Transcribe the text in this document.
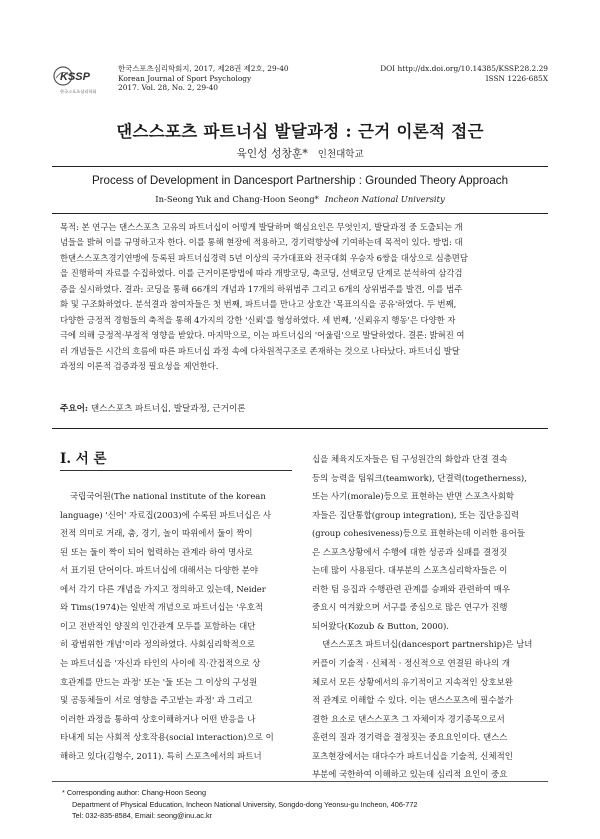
KSSP
한국스포츠심리학회
한국스포츠심리학회지, 2017, 제28권 제2호, 29-40
Korean Journal of Sport Psychology
2017. Vol. 28, No. 2, 29-40
DOI http://dx.doi.org/10.14385/KSSP.28.2.29
ISSN 1226-685X
댄스스포츠 파트너십 발달과정 : 근거 이론적 접근
육인성 성창훈* 인천대학교
Process of Development in Dancesport Partnership : Grounded Theory Approach
In-Seong Yuk and Chang-Hoon Seong* Incheon National University
목적: 본 연구는 댄스스포츠 고유의 파트너십이 어떻게 발달하며 핵심요인은 무엇인지, 발달과정 중 도출되는 개
념들을 밝혀 이를 규명하고자 한다. 이를 통해 현장에 적용하고, 경기력향상에 기여하는데 목적이 있다. 방법: 대
한댄스스포츠경기연맹에 등록된 파트너십경력 5년 이상의 국가대표와 전국대회 우승자 6쌍을 대상으로 심층면담
을 진행하여 자료를 수집하였다. 이를 근거이론방법에 따라 개방코딩, 축코딩, 선택코딩 단계로 분석하여 삼각검
증을 실시하였다. 결과: 코딩을 통해 66개의 개념과 17개의 하위범주 그리고 6개의 상위범주를 발견, 이를 범주
화 및 구조화하였다. 분석결과 참여자들은 첫 번째, 파트너를 만나고 상호간 '목표의식을 공유'하였다. 두 번째,
다양한 긍정적 경험들의 축적을 통해 4가지의 강한 '신뢰'를 형성하였다. 세 번째, '신뢰유지 행동'은 다양한 자
극에 의해 긍정적·부정적 영향을 받았다. 마지막으로, 이는 파트너십의 '어울림'으로 발달하였다. 결론: 밝혀진 여
러 개념들은 시간의 흐름에 따른 파트너십 과정 속에 다차원적구조로 존재하는 것으로 나타났다. 파트너십 발달
과정의 이론적 검증과정 필요성을 제언한다.
주요어: 댄스스포츠 파트너십, 발달과정, 근거이론
I. 서 론
국립국어원(The national institute of the korean
language) '신어' 자료집(2003)에 수록된 파트너십은 사
전적 의미로 거래, 춤, 경기, 놀이 따위에서 둘이 짝이
된 또는 둘이 짝이 되어 협력하는 관계라 하여 명사로
서 표기된 단어이다. 파트너십에 대해서는 다양한 분야
에서 각기 다른 개념을 가지고 정의하고 있는데, Neider
와 Tims(1974)는 일반적 개념으로 파트너십는 '우호적
이고 전반적인 양질의 인간관계 모두를 포함하는 대단
히 광범위한 개념'이라 정의하였다. 사회심리학적으로
는 파트너십을 '자신과 타인의 사이에 직·간접적으로 상
호관계를 만드는 과정' 또는 '둘 또는 그 이상의 구성원
및 공동체들이 서로 영향을 주고받는 과정' 과 그리고
이러한 과정을 통하여 상호이해하거나 어떤 반응을 나
타내게 되는 사회적 상호작용(social interaction)으로 이
해하고 있다(김형수, 2011). 특히 스포츠에서의 파트너
십을 체육지도자들은 팀 구성원간의 화합과 단결 결속
등의 능력을 팀워크(teamwork), 단결력(togetherness),
또는 사기(morale)등으로 표현하는 반면 스포츠사회학
자들은 집단통합(group integration), 또는 집단응집력
(group cohesiveness)등으로 표현하는데 이러한 용어들
은 스포츠상황에서 수행에 대한 성공과 실패를 결정짓
는데 많이 사용된다. 대부분의 스포츠심리학자들은 이
러한 팀 응집과 수행관련 관계를 승패와 관련하여 매우
중요시 여겨왔으며 서구를 중심으로 많은 연구가 진행
되어왔다(Kozub & Button, 2000).
댄스스포츠 파트너십(dancesport partnership)은 남녀
커플이 기술적 · 신체적 · 정신적으로 연결된 하나의 개
체로서 모든 상황에서의 유기적이고 지속적인 상호보완
적 관계로 이해할 수 있다. 이는 댄스스포츠에 필수불가
결한 요소로 댄스스포츠 그 자체이자 경기종목으로서
훈련의 질과 경기력을 결정짓는 중요요인이다. 댄스스
포츠현장에서는 대다수가 파트너십을 기술적, 신체적인
부분에 국한하여 이해하고 있는데 심리적 요인이 중요
* Corresponding author: Chang-Hoon Seong
Department of Physical Education, Incheon National University, Songdo-dong Yeonsu-gu Incheon, 406-772
Tel: 032-835-8584, Email: seong@inu.ac.kr
